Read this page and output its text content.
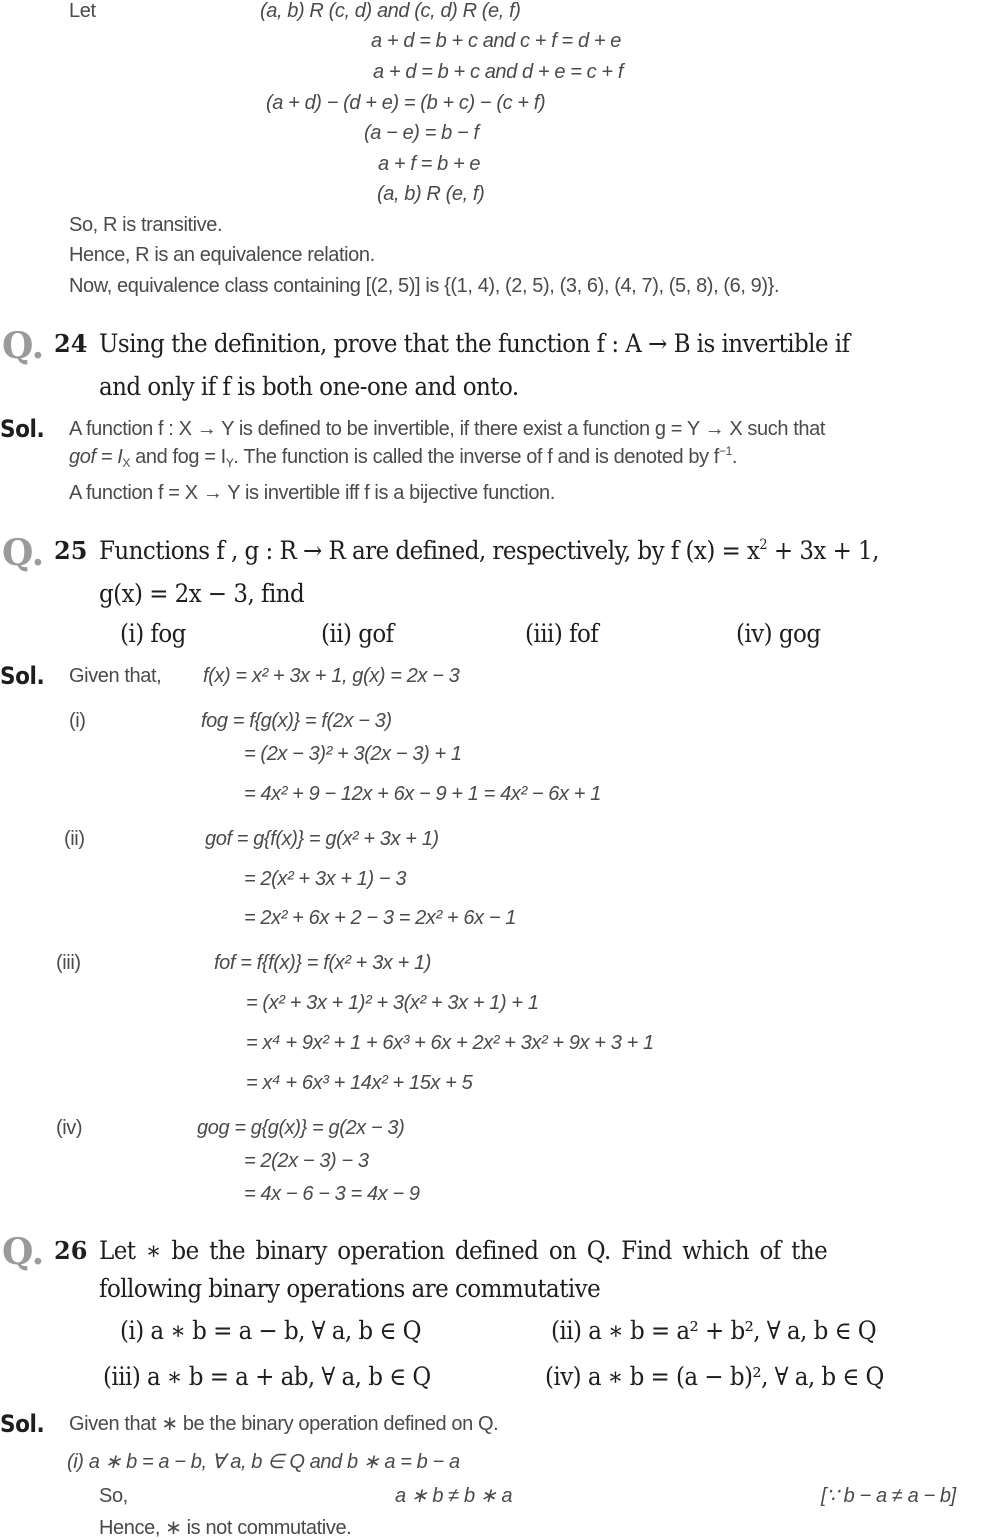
Let	(a, b) R (c, d) and (c, d) R (e, f)
a + d = b + c and c + f = d + e
a + d = b + c and d + e = c + f
(a + d) − (d + e) = (b + c) − (c + f)
(a − e) = b − f
a + f = b + e
(a, b) R (e, f)
So, R is transitive.
Hence, R is an equivalence relation.
Now, equivalence class containing [(2, 5)] is {(1, 4), (2, 5), (3, 6), (4, 7), (5, 8), (6, 9)}.
Q. 24 Using the definition, prove that the function f : A → B is invertible if
and only if f is both one-one and onto.
Sol. A function f : X → Y is defined to be invertible, if there exist a function g = Y → X such that
gof = $I_X$ and fog = $I_Y$. The function is called the inverse of f and is denoted by $f^{-1}$.
A function f = X → Y is invertible iff f is a bijective function.
Q. 25 Functions f , g : R → R are defined, respectively, by f $(x) = x^2 + 3x + 1$,
g(x) = 2x − 3, find
(i) fog	(ii) gof	(iii) fof	(iv) gog
Sol. Given that, f(x) = x² + 3x + 1, g(x) = 2x − 3
(i)	fog = f{g(x)} = f(2x − 3)
= (2x − 3)² + 3(2x − 3) + 1
= 4x² + 9 − 12x + 6x − 9 + 1 = 4x² − 6x + 1
(ii)	gof = g{f(x)} = g(x² + 3x + 1)
= 2(x² + 3x + 1) − 3
= 2x² + 6x + 2 − 3 = 2x² + 6x − 1
(iii)	fof = f{f(x)} = f(x² + 3x + 1)
= (x² + 3x + 1)² + 3(x² + 3x + 1) + 1
= x⁴ + 9x² + 1 + 6x³ + 6x + 2x² + 3x² + 9x + 3 + 1
= x⁴ + 6x³ + 14x² + 15x + 5
(iv)	gog = g{g(x)} = g(2x − 3)
= 2(2x − 3) − 3
= 4x − 6 − 3 = 4x − 9
Q. 26 Let ∗ be the binary operation defined on Q. Find which of the
following binary operations are commutative
(i) a ∗ b = a − b, ∀ a, b ∈ Q	(ii) a ∗ b = a² + b², ∀ a, b ∈ Q
(iii) a ∗ b = a + ab, ∀ a, b ∈ Q	(iv) a ∗ b = (a − b)², ∀ a, b ∈ Q
Sol. Given that ∗ be the binary operation defined on Q.
(i) a ∗ b = a − b, ∀ a, b ∈ Q and b ∗ a = b − a
So,	a ∗ b ≠ b ∗ a	[∵ b − a ≠ a − b]
Hence, ∗ is not commutative.
